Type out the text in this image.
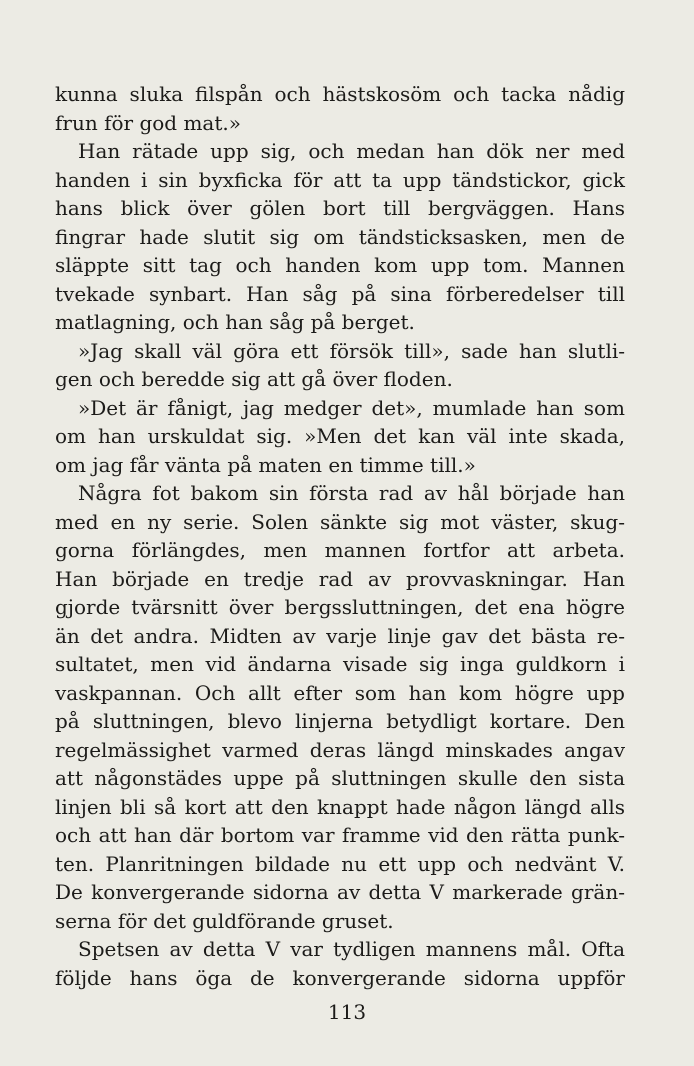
kunna sluka filspån och hästskosöm och tacka nådig
frun för god mat.»
Han rätade upp sig, och medan han dök ner med
handen i sin byxficka för att ta upp tändstickor, gick
hans blick över gölen bort till bergväggen. Hans
fingrar hade slutit sig om tändsticksasken, men de
släppte sitt tag och handen kom upp tom. Mannen
tvekade synbart. Han såg på sina förberedelser till
matlagning, och han såg på berget.
»Jag skall väl göra ett försök till», sade han slutli-
gen och beredde sig att gå över floden.
»Det är fånigt, jag medger det», mumlade han som
om han urskuldat sig. »Men det kan väl inte skada,
om jag får vänta på maten en timme till.»
Några fot bakom sin första rad av hål började han
med en ny serie. Solen sänkte sig mot väster, skug-
gorna förlängdes, men mannen fortfor att arbeta.
Han började en tredje rad av provvaskningar. Han
gjorde tvärsnitt över bergssluttningen, det ena högre
än det andra. Midten av varje linje gav det bästa re-
sultatet, men vid ändarna visade sig inga guldkorn i
vaskpannan. Och allt efter som han kom högre upp
på sluttningen, blevo linjerna betydligt kortare. Den
regelmässighet varmed deras längd minskades angav
att någonstädes uppe på sluttningen skulle den sista
linjen bli så kort att den knappt hade någon längd alls
och att han där bortom var framme vid den rätta punk-
ten. Planritningen bildade nu ett upp och nedvänt V.
De konvergerande sidorna av detta V markerade grän-
serna för det guldförande gruset.
Spetsen av detta V var tydligen mannens mål. Ofta
följde hans öga de konvergerande sidorna uppför
113
